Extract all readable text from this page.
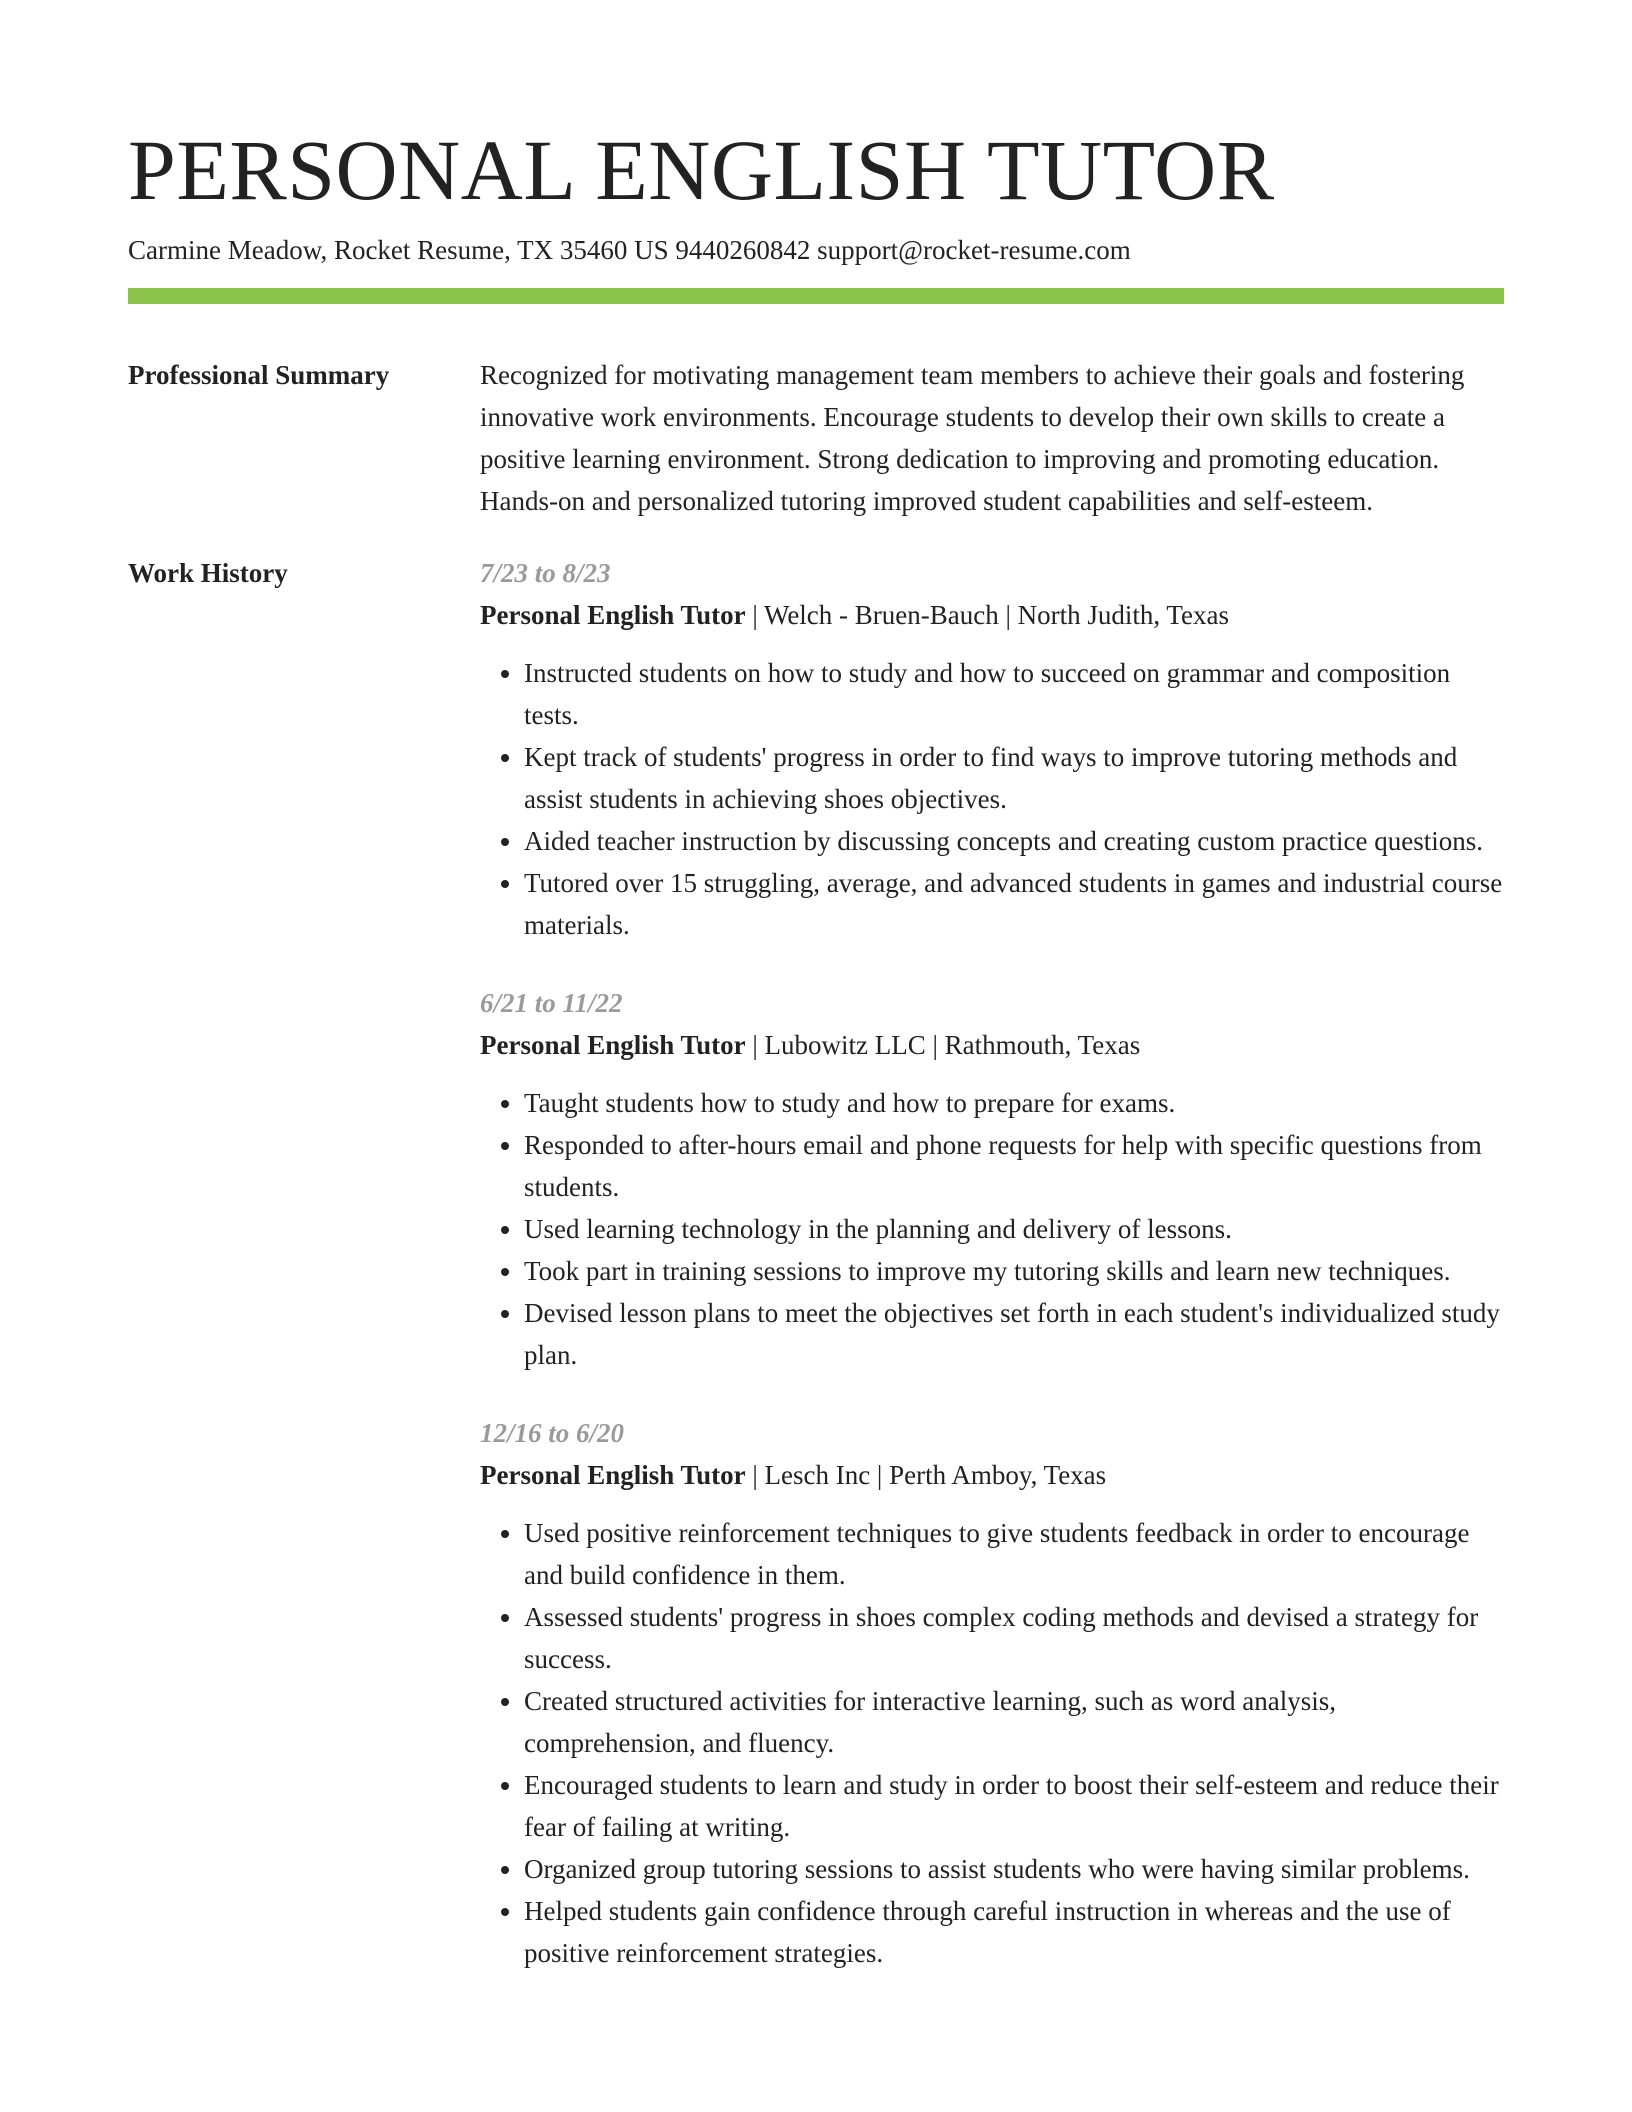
PERSONAL ENGLISH TUTOR
Carmine Meadow, Rocket Resume, TX 35460 US 9440260842 support@rocket-resume.com
Professional Summary	Recognized for motivating management team members to achieve their goals and fostering innovative work environments. Encourage students to develop their own skills to create a positive learning environment. Strong dedication to improving and promoting education. Hands-on and personalized tutoring improved student capabilities and self-esteem.
Work History	7/23 to 8/23
Personal English Tutor | Welch - Bruen-Bauch | North Judith, Texas
• Instructed students on how to study and how to succeed on grammar and composition tests.
• Kept track of students' progress in order to find ways to improve tutoring methods and assist students in achieving shoes objectives.
• Aided teacher instruction by discussing concepts and creating custom practice questions.
• Tutored over 15 struggling, average, and advanced students in games and industrial course materials.
6/21 to 11/22
Personal English Tutor | Lubowitz LLC | Rathmouth, Texas
• Taught students how to study and how to prepare for exams.
• Responded to after-hours email and phone requests for help with specific questions from students.
• Used learning technology in the planning and delivery of lessons.
• Took part in training sessions to improve my tutoring skills and learn new techniques.
• Devised lesson plans to meet the objectives set forth in each student's individualized study plan.
12/16 to 6/20
Personal English Tutor | Lesch Inc | Perth Amboy, Texas
• Used positive reinforcement techniques to give students feedback in order to encourage and build confidence in them.
• Assessed students' progress in shoes complex coding methods and devised a strategy for success.
• Created structured activities for interactive learning, such as word analysis, comprehension, and fluency.
• Encouraged students to learn and study in order to boost their self-esteem and reduce their fear of failing at writing.
• Organized group tutoring sessions to assist students who were having similar problems.
• Helped students gain confidence through careful instruction in whereas and the use of positive reinforcement strategies.
